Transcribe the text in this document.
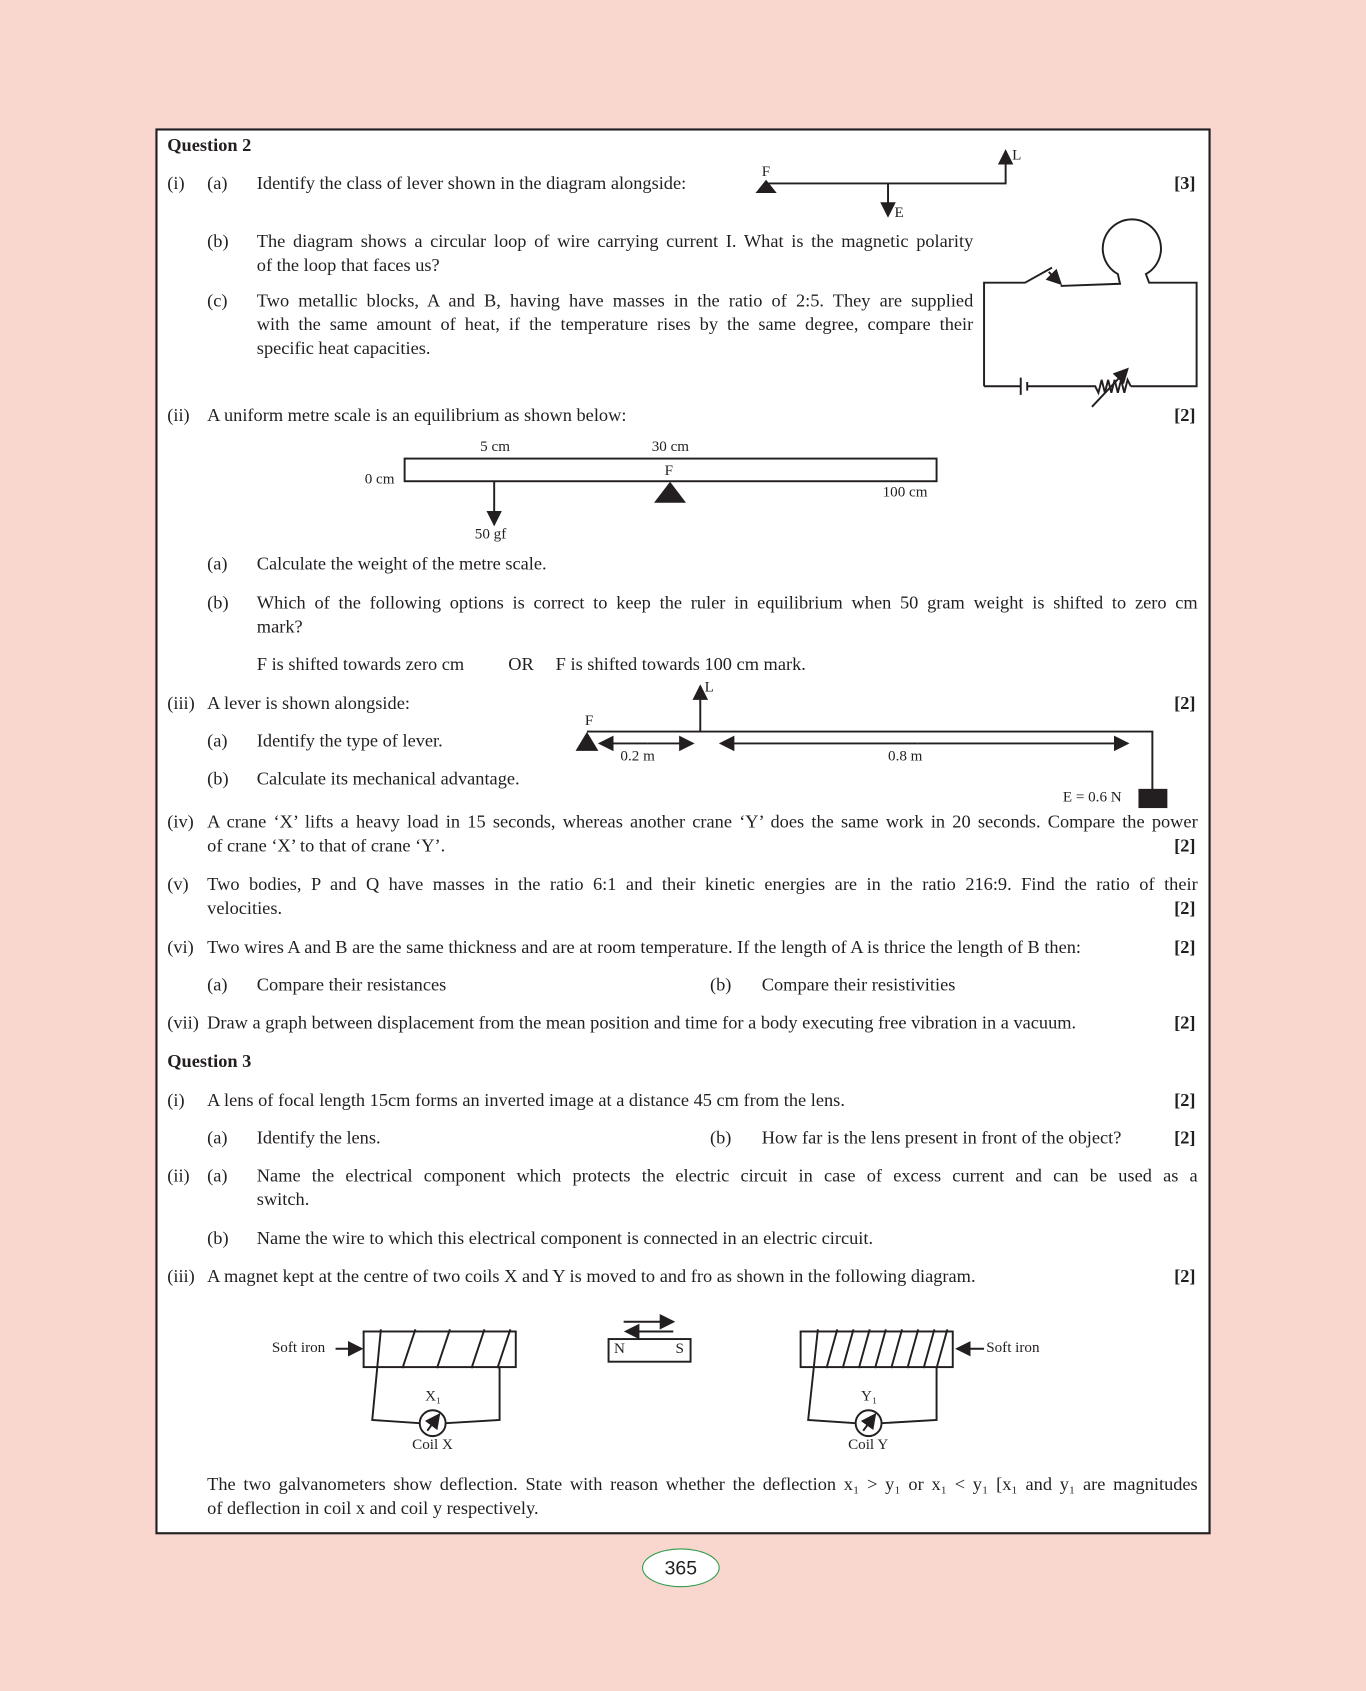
Question 2
(i) (a) Identify the class of lever shown in the diagram alongside:	[3]
F
L
E
(b) The diagram shows a circular loop of wire carrying current I. What is the magnetic polarity
of the loop that faces us?
(c) Two metallic blocks, A and B, having have masses in the ratio of 2:5. They are supplied
with the same amount of heat, if the temperature rises by the same degree, compare their
specific heat capacities.
(ii) A uniform metre scale is an equilibrium as shown below:	[2]
5 cm	30 cm
F
0 cm
100 cm
50 gf
(a) Calculate the weight of the metre scale.
(b) Which of the following options is correct to keep the ruler in equilibrium when 50 gram weight is shifted to zero cm
mark?
F is shifted towards zero cm	OR F is shifted towards 100 cm mark.
(iii) A lever is shown alongside:	[2]
(a) Identify the type of lever.
(b) Calculate its mechanical advantage.
F
L
0.2 m	0.8 m
E = 0.6 N
(iv) A crane ‘X’ lifts a heavy load in 15 seconds, whereas another crane ‘Y’ does the same work in 20 seconds. Compare the power
of crane ‘X’ to that of crane ‘Y’.	[2]
(v) Two bodies, P and Q have masses in the ratio 6:1 and their kinetic energies are in the ratio 216:9. Find the ratio of their
velocities.	[2]
(vi) Two wires A and B are the same thickness and are at room temperature. If the length of A is thrice the length of B then:	[2]
(a) Compare their resistances	(b) Compare their resistivities
(vii) Draw a graph between displacement from the mean position and time for a body executing free vibration in a vacuum.	[2]
Question 3
(i) A lens of focal length 15cm forms an inverted image at a distance 45 cm from the lens.	[2]
(a) Identify the lens.	(b) How far is the lens present in front of the object?	[2]
(ii) (a) Name the electrical component which protects the electric circuit in case of excess current and can be used as a
switch.
(b) Name the wire to which this electrical component is connected in an electric circuit.
(iii) A magnet kept at the centre of two coils X and Y is moved to and fro as shown in the following diagram.	[2]
Soft iron	Soft iron
X₁	Y₁
Coil X	Coil Y
N	S
The two galvanometers show deflection. State with reason whether the deflection x₁ > y₁ or x₁ < y₁ [x₁ and y₁ are magnitudes
of deflection in coil x and coil y respectively.
365
